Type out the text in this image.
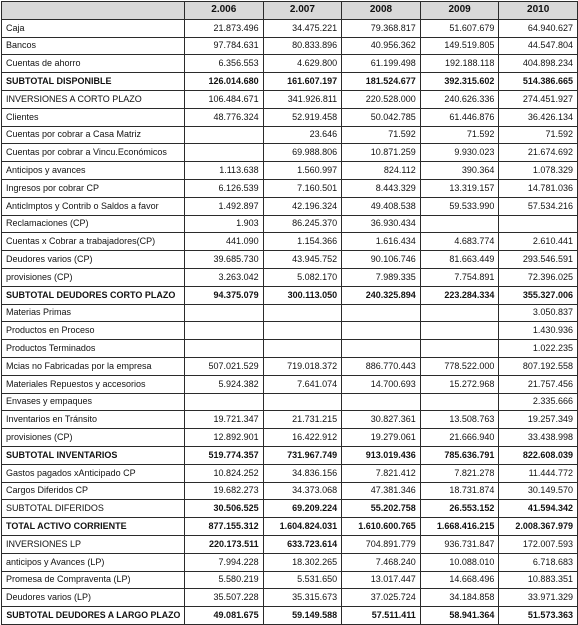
	2.006	2.007	2008	2009	2010
Caja	21.873.496	34.475.221	79.368.817	51.607.679	64.940.627
Bancos	97.784.631	80.833.896	40.956.362	149.519.805	44.547.804
Cuentas de ahorro	6.356.553	4.629.800	61.199.498	192.188.118	404.898.234
SUBTOTAL DISPONIBLE	126.014.680	161.607.197	181.524.677	392.315.602	514.386.665
INVERSIONES A CORTO PLAZO	106.484.671	341.926.811	220.528.000	240.626.336	274.451.927
Clientes	48.776.324	52.919.458	50.042.785	61.446.876	36.426.134
Cuentas por cobrar a Casa Matriz		23.646	71.592	71.592	71.592
Cuentas por cobrar a Vincu.Económicos		69.988.806	10.871.259	9.930.023	21.674.692
Anticipos y avances	1.113.638	1.560.997	824.112	390.364	1.078.329
Ingresos por cobrar CP	6.126.539	7.160.501	8.443.329	13.319.157	14.781.036
Anticlmptos y Contrib o Saldos a favor	1.492.897	42.196.324	49.408.538	59.533.990	57.534.216
Reclamaciones (CP)	1.903	86.245.370	36.930.434		
Cuentas x Cobrar a trabajadores(CP)	441.090	1.154.366	1.616.434	4.683.774	2.610.441
Deudores varios (CP)	39.685.730	43.945.752	90.106.746	81.663.449	293.546.591
provisiones (CP)	3.263.042	5.082.170	7.989.335	7.754.891	72.396.025
SUBTOTAL DEUDORES CORTO PLAZO	94.375.079	300.113.050	240.325.894	223.284.334	355.327.006
Materias Primas					3.050.837
Productos en Proceso					1.430.936
Productos Terminados					1.022.235
Mcias no Fabricadas por la empresa	507.021.529	719.018.372	886.770.443	778.522.000	807.192.558
Materiales Repuestos y accesorios	5.924.382	7.641.074	14.700.693	15.272.968	21.757.456
Envases y empaques					2.335.666
Inventarios en Tránsito	19.721.347	21.731.215	30.827.361	13.508.763	19.257.349
provisiones (CP)	12.892.901	16.422.912	19.279.061	21.666.940	33.438.998
SUBTOTAL INVENTARIOS	519.774.357	731.967.749	913.019.436	785.636.791	822.608.039
Gastos pagados xAnticipado CP	10.824.252	34.836.156	7.821.412	7.821.278	11.444.772
Cargos Diferidos CP	19.682.273	34.373.068	47.381.346	18.731.874	30.149.570
SUBTOTAL DIFERIDOS	30.506.525	69.209.224	55.202.758	26.553.152	41.594.342
TOTAL ACTIVO CORRIENTE	877.155.312	1.604.824.031	1.610.600.765	1.668.416.215	2.008.367.979
INVERSIONES LP	220.173.511	633.723.614	704.891.779	936.731.847	172.007.593
anticipos y Avances (LP)	7.994.228	18.302.265	7.468.240	10.088.010	6.718.683
Promesa de Compraventa (LP)	5.580.219	5.531.650	13.017.447	14.668.496	10.883.351
Deudores varios (LP)	35.507.228	35.315.673	37.025.724	34.184.858	33.971.329
SUBTOTAL DEUDORES A LARGO PLAZO	49.081.675	59.149.588	57.511.411	58.941.364	51.573.363
